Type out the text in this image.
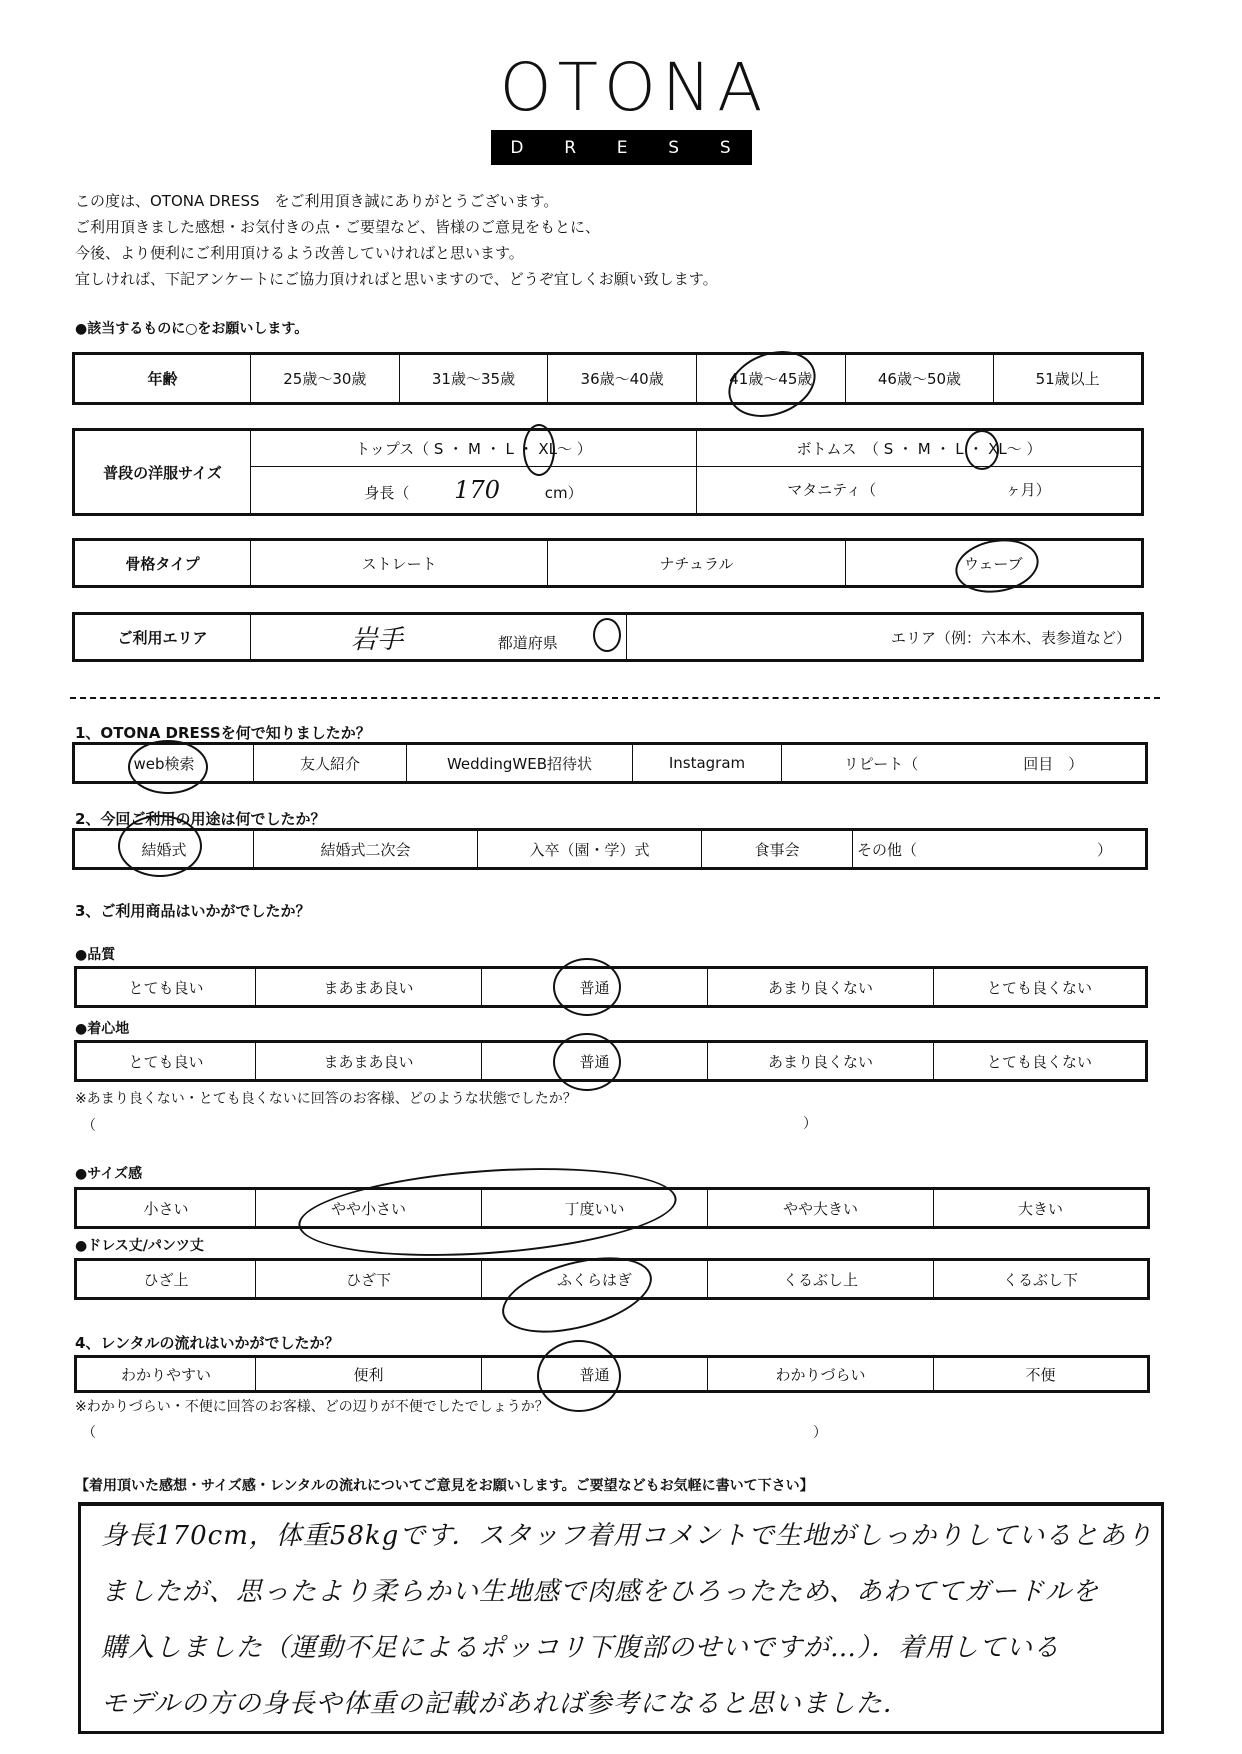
OTONA
D R E S S
この度は、OTONA DRESS　をご利用頂き誠にありがとうございます。
ご利用頂きました感想・お気付きの点・ご要望など、皆様のご意見をもとに、
今後、より便利にご利用頂けるよう改善していければと思います。
宜しければ、下記アンケートにご協力頂ければと思いますので、どうぞ宜しくお願い致します。
●該当するものに○をお願いします。
年齢	25歳～30歳	31歳～35歳	36歳～40歳	41歳～45歳	46歳～50歳	51歳以上
普段の洋服サイズ	トップス（ S ・ M ・ L ・ XL～ ）	ボトムス　（ S ・ M ・ L ・ XL～ ）
	身長（ 170 cm）	マタニティ（ ヶ月）
骨格タイプ	ストレート	ナチュラル	ウェーブ
ご利用エリア	岩手	都道府県	エリア（例：六本木、表参道など）
1、OTONA DRESSを何で知りましたか？
web検索	友人紹介	WeddingWEB招待状	Instagram	リピート（　　　　　　　回目　）
2、今回ご利用の用途は何でしたか？
結婚式	結婚式二次会	入卒（園・学）式	食事会	その他（　　　　　　　　　　　　）
3、ご利用商品はいかがでしたか？
●品質
とても良い	まあまあ良い	普通	あまり良くない	とても良くない
●着心地
とても良い	まあまあ良い	普通	あまり良くない	とても良くない
※あまり良くない・とても良くないに回答のお客様、どのような状態でしたか？
（	）
●サイズ感
小さい	やや小さい	丁度いい	やや大きい	大きい
●ドレス丈/パンツ丈
ひざ上	ひざ下	ふくらはぎ	くるぶし上	くるぶし下
4、レンタルの流れはいかがでしたか？
わかりやすい	便利	普通	わかりづらい	不便
※わかりづらい・不便に回答のお客様、どの辺りが不便でしたでしょうか？
（	）
【着用頂いた感想・サイズ感・レンタルの流れについてご意見をお願いします。ご要望などもお気軽に書いて下さい】
身長170cm，体重58kgです．スタッフ着用コメントで生地がしっかりしているとあり
ましたが、思ったより柔らかい生地感で肉感をひろったため、あわててガードルを
購入しました（運動不足によるポッコリ下腹部のせいですが…）．着用している
モデルの方の身長や体重の記載があれば参考になると思いました．
